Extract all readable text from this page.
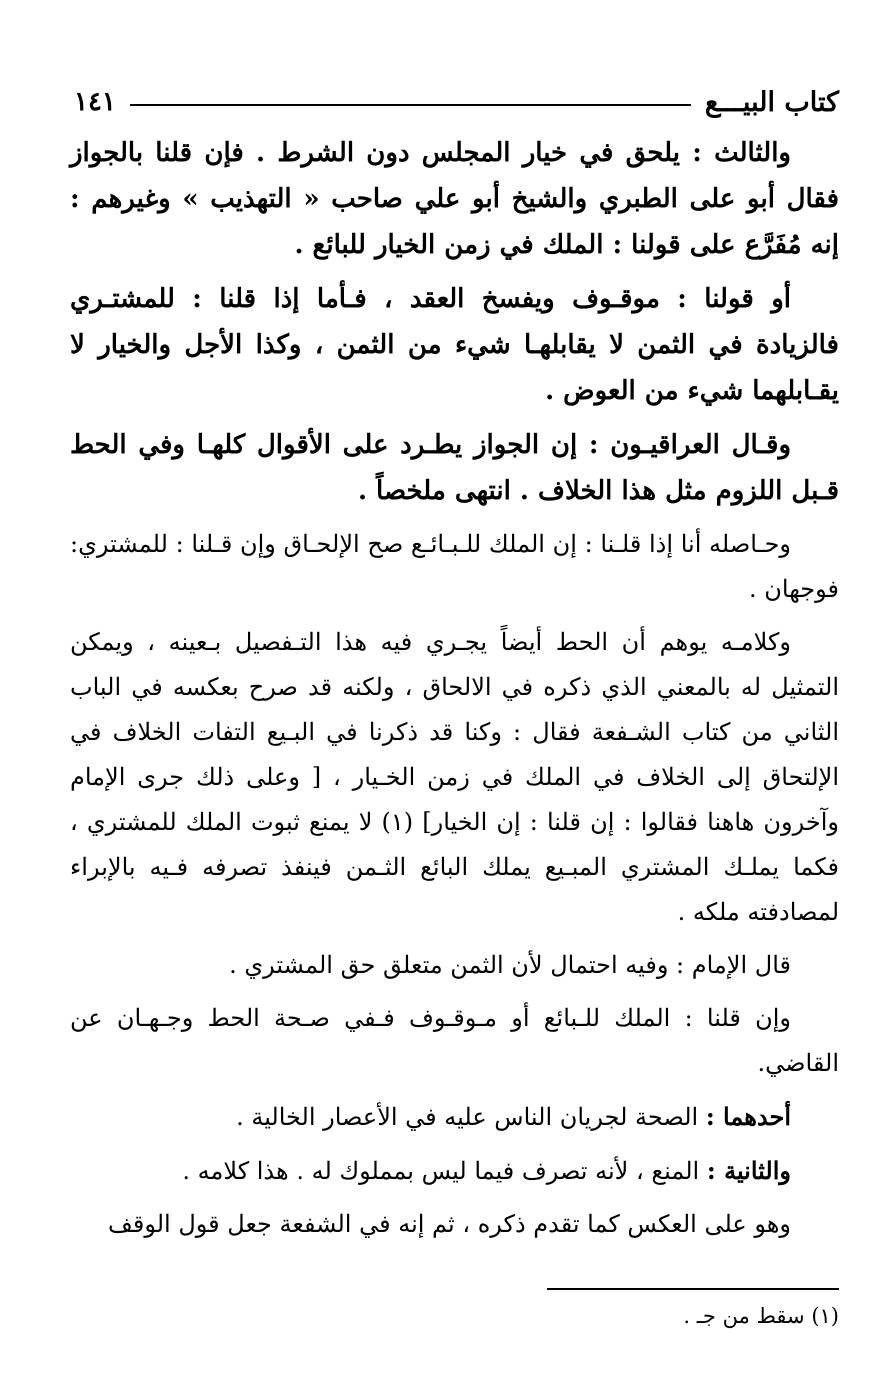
كتاب البيـــع
١٤١

والثالث : يلحق في خيار المجلس دون الشرط . فإن قلنا بالجواز فقال أبو على الطبري والشيخ أبو علي صاحب « التهذيب » وغيرهم : إنه مُفَرَّع على قولنا : الملك في زمن الخيار للبائع .

أو قولنا : موقـوف ويفسخ العقد ، فـأما إذا قلنا : للمشتـري فالزيادة في الثمن لا يقابلهـا شيء من الثمن ، وكذا الأجل والخيار لا يقـابلهما شيء من العوض .

وقـال العراقيـون : إن الجواز يطـرد على الأقوال كلهـا وفي الحط قـبل اللزوم مثل هذا الخلاف . انتهى ملخصاً .

وحـاصله أنا إذا قلـنا : إن الملك للـبـائـع صح الإلحـاق وإن قـلنا : للمشتري: فوجهان .

وكلامـه يوهم أن الحط أيضاً يجـري فيه هذا التـفصيل بـعينه ، ويمكن التمثيل له بالمعني الذي ذكره في الالحاق ، ولكنه قد صرح بعكسه في الباب الثاني من كتاب الشـفعة فقال : وكنا قد ذكرنا في البـيع التفات الخلاف في الإلتحاق إلى الخلاف في الملك في زمن الخـيار ، [ وعلى ذلك جرى الإمام وآخرون هاهنا فقالوا : إن قلنا : إن الخيار] (١) لا يمنع ثبوت الملك للمشتري ، فكما يملـك المشتري المبـيع يملك البائع الثـمن فينفذ تصرفه فـيه بالإبراء لمصادفته ملكه .

قال الإمام : وفيه احتمال لأن الثمن متعلق حق المشتري .

وإن قلنا : الملك للـبائع أو مـوقـوف فـفي صـحة الحط وجـهـان عن القاضي.

أحدهما : الصحة لجريان الناس عليه في الأعصار الخالية .

والثانية : المنع ، لأنه تصرف فيما ليس بمملوك له . هذا كلامه .

وهو على العكس كما تقدم ذكره ، ثم إنه في الشفعة جعل قول الوقف

(١) سقط من جـ .
